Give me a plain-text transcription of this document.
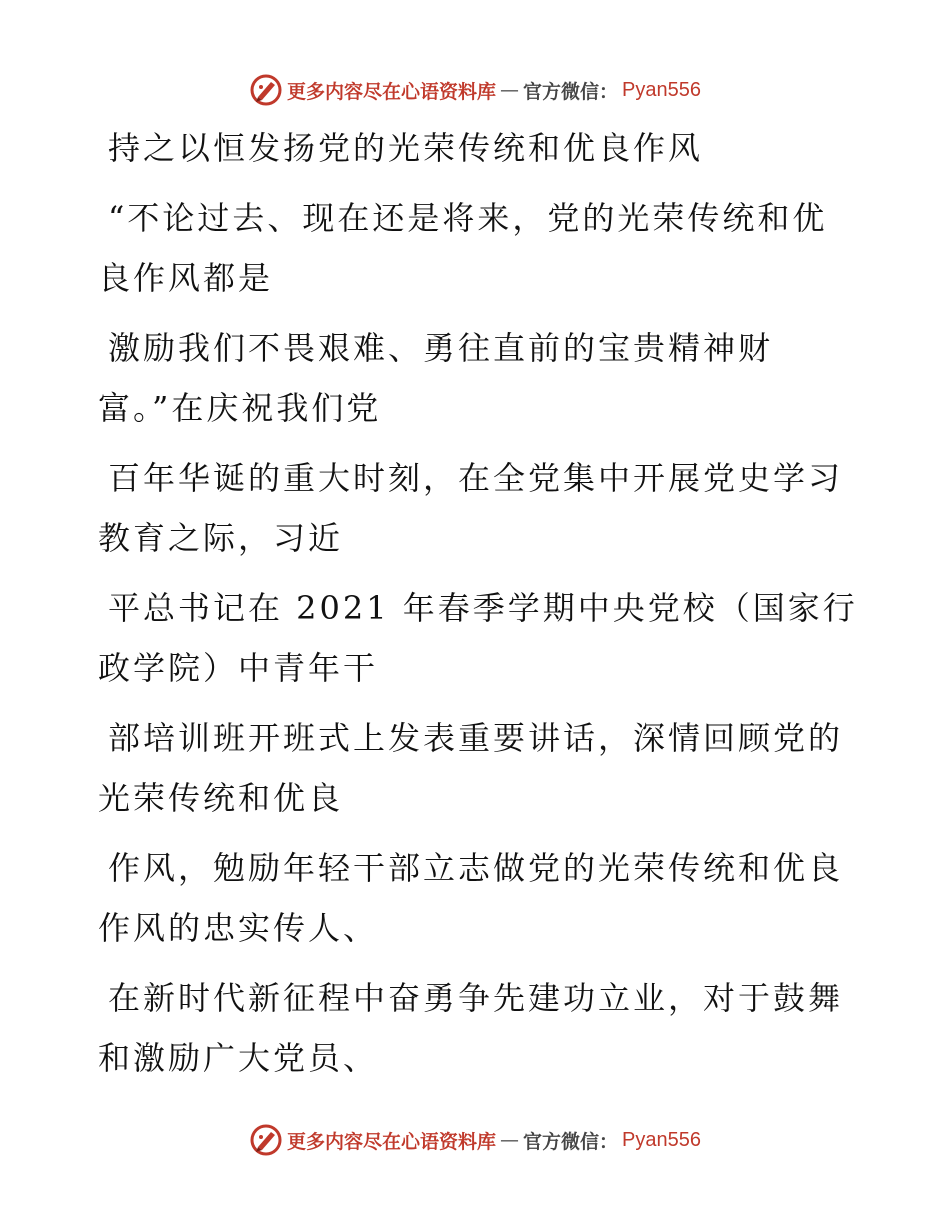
更多内容尽在心语资料库 — 官方微信： Pyan556
持之以恒发扬党的光荣传统和优良作风
“不论过去、现在还是将来，党的光荣传统和优
良作风都是
激励我们不畏艰难、勇往直前的宝贵精神财
富。”在庆祝我们党
百年华诞的重大时刻，在全党集中开展党史学习
教育之际，习近
平总书记在 2021 年春季学期中央党校（国家行
政学院）中青年干
部培训班开班式上发表重要讲话，深情回顾党的
光荣传统和优良
作风，勉励年轻干部立志做党的光荣传统和优良
作风的忠实传人、
在新时代新征程中奋勇争先建功立业，对于鼓舞
和激励广大党员、
更多内容尽在心语资料库 — 官方微信： Pyan556
